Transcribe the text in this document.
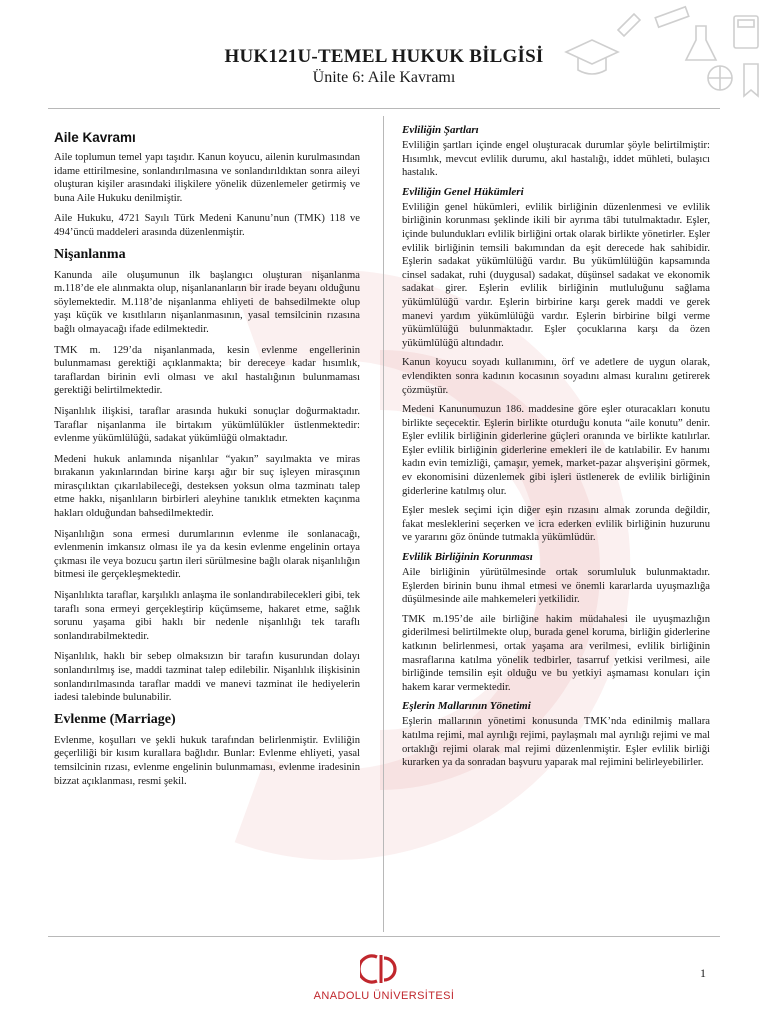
HUK121U-TEMEL HUKUK BİLGİSİ
Ünite 6: Aile Kavramı
Aile Kavramı

Aile toplumun temel yapı taşıdır. Kanun koyucu, ailenin kurulmasından idame ettirilmesine, sonlandırılmasına ve sonlandırıldıktan sonra aileyi oluşturan kişiler arasındaki ilişkilere yönelik düzenlemeler getirmiş ve buna Aile Hukuku denilmiştir.

Aile Hukuku, 4721 Sayılı Türk Medeni Kanunu’nun (TMK) 118 ve 494’üncü maddeleri arasında düzenlenmiştir.

Nişanlanma

Kanunda aile oluşumunun ilk başlangıcı oluşturan nişanlanma m.118’de ele alınmakta olup, nişanlananların bir irade beyanı olduğunu söylemektedir. M.118’de nişanlanma ehliyeti de bahsedilmekte olup yaşı küçük ve kısıtlıların nişanlanmasının, yasal temsilcinin rızasına bağlı olmayacağı ifade edilmektedir.

TMK m. 129’da nişanlanmada, kesin evlenme engellerinin bulunmaması gerektiği açıklanmakta; bir dereceye kadar hısımlık, taraflardan birinin evli olması ve akıl hastalığının bulunmaması gerektiği belirtilmektedir.

Nişanlılık ilişkisi, taraflar arasında hukuki sonuçlar doğurmaktadır. Taraflar nişanlanma ile birtakım yükümlülükler üstlenmektedir: evlenme yükümlülüğü, sadakat yükümlüğü olmaktadır.

Medeni hukuk anlamında nişanlılar “yakın” sayılmakta ve miras bırakanın yakınlarından birine karşı ağır bir suç işleyen mirasçının mirasçılıktan çıkarılabileceği, desteksen yoksun olma tazminatı talep etme hakkı, nişanlıların birbirleri aleyhine tanıklık etmekten kaçınma hakları olduğundan bahsedilmektedir.

Nişanlılığın sona ermesi durumlarının evlenme ile sonlanacağı, evlenmenin imkansız olması ile ya da kesin evlenme engelinin ortaya çıkması ile veya bozucu şartın ileri sürülmesine bağlı olarak nişanlılığın bitmesi ile gerçekleşmektedir.

Nişanlılıkta taraflar, karşılıklı anlaşma ile sonlandırabilecekleri gibi, tek taraflı sona ermeyi gerçekleştirip küçümseme, hakaret etme, sağlık sorunu yaşama gibi haklı bir nedenle nişanlılığı tek taraflı sonlandırabilmektedir.

Nişanlılık, haklı bir sebep olmaksızın bir tarafın kusurundan dolayı sonlandırılmış ise, maddi tazminat talep edilebilir. Nişanlılık ilişkisinin sonlandırılmasında taraflar maddi ve manevi tazminat ile hediyelerin iadesi talebinde bulunabilir.

Evlenme (Marriage)

Evlenme, koşulları ve şekli hukuk tarafından belirlenmiştir. Evliliğin geçerliliği bir kısım kurallara bağlıdır. Bunlar: Evlenme ehliyeti, yasal temsilcinin rızası, evlenme engelinin bulunmaması, evlenme iradesinin bizzat açıklanması, resmi şekil.

Evliliğin Şartları

Evliliğin şartları içinde engel oluşturacak durumlar şöyle belirtilmiştir: Hısımlık, mevcut evlilik durumu, akıl hastalığı, iddet mühleti, bulaşıcı hastalık.

Evliliğin Genel Hükümleri

Evliliğin genel hükümleri, evlilik birliğinin düzenlenmesi ve evlilik birliğinin korunması şeklinde ikili bir ayrıma tâbi tutulmaktadır. Eşler, içinde bulundukları evlilik birliğini ortak olarak birlikte yönetirler. Eşler evlilik birliğinin temsili bakımından da eşit derecede hak sahibidir. Eşlerin sadakat yükümlülüğü vardır. Bu yükümlülüğün kapsamında cinsel sadakat, ruhi (duygusal) sadakat, düşünsel sadakat ve ekonomik sadakat girer. Eşlerin evlilik birliğinin mutluluğunu sağlama yükümlülüğü vardır. Eşlerin birbirine karşı gerek maddi ve gerek manevi yardım yükümlülüğü vardır. Eşlerin birbirine bilgi verme yükümlülüğü bulunmaktadır. Eşler çocuklarına karşı da özen yükümlülüğü altındadır.

Kanun koyucu soyadı kullanımını, örf ve adetlere de uygun olarak, evlendikten sonra kadının kocasının soyadını alması kuralını getirerek çözmüştür.

Medeni Kanunumuzun 186. maddesine göre eşler oturacakları konutu birlikte seçecektir. Eşlerin birlikte oturduğu konuta “aile konutu” denir. Eşler evlilik birliğinin giderlerine güçleri oranında ve birlikte katılırlar. Eşler evlilik birliğinin giderlerine emekleri ile de katılabilir. Ev hanımı kadın evin temizliği, çamaşır, yemek, market-pazar alışverişini görmek, ev ekonomisini düzenlemek gibi işleri üstlenerek de evlilik birliğinin giderlerine katılmış olur.

Eşler meslek seçimi için diğer eşin rızasını almak zorunda değildir, fakat mesleklerini seçerken ve icra ederken evlilik birliğinin huzurunu ve yararını göz önünde tutmakla yükümlüdür.

Evlilik Birliğinin Korunması

Aile birliğinin yürütülmesinde ortak sorumluluk bulunmaktadır. Eşlerden birinin bunu ihmal etmesi ve önemli kararlarda uyuşmazlığa düşülmesinde aile mahkemeleri yetkilidir.

TMK m.195’de aile birliğine hakim müdahalesi ile uyuşmazlığın giderilmesi belirtilmekte olup, burada genel koruma, birliğin giderlerine katkının belirlenmesi, ortak yaşama ara verilmesi, evlilik birliğinin masraflarına katılma yönelik tedbirler, tasarruf yetkisi verilmesi, aile birliğinde temsilin eşit olduğu ve bu yetkiyi aşmaması konuları için hakem karar vermektedir.

Eşlerin Mallarının Yönetimi

Eşlerin mallarının yönetimi konusunda TMK’nda edinilmiş mallara katılma rejimi, mal ayrılığı rejimi, paylaşmalı mal ayrılığı rejimi ve mal ortaklığı rejimi olarak mal rejimi düzenlenmiştir. Eşler evlilik birliği kurarken ya da sonradan başvuru yaparak mal rejimini belirleyebilirler.

1
ANADOLU ÜNİVERSİTESİ
